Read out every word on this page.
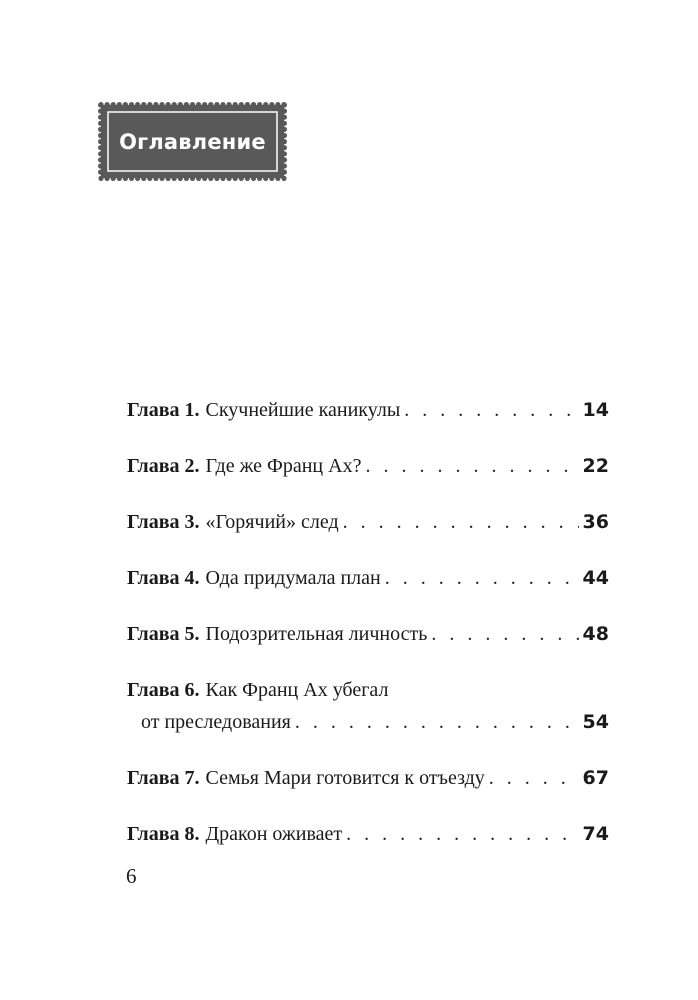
Оглавление
Глава 1. Скучнейшие каникулы . . .	14
Глава 2. Где же Франц Ах? . . .	22
Глава 3. «Горячий» след . . .	36
Глава 4. Ода придумала план . . .	44
Глава 5. Подозрительная личность . . .	48
Глава 6. Как Франц Ах убегал
от преследования . . .	54
Глава 7. Семья Мари готовится к отъезду . . .	67
Глава 8. Дракон оживает . . .	74
6
